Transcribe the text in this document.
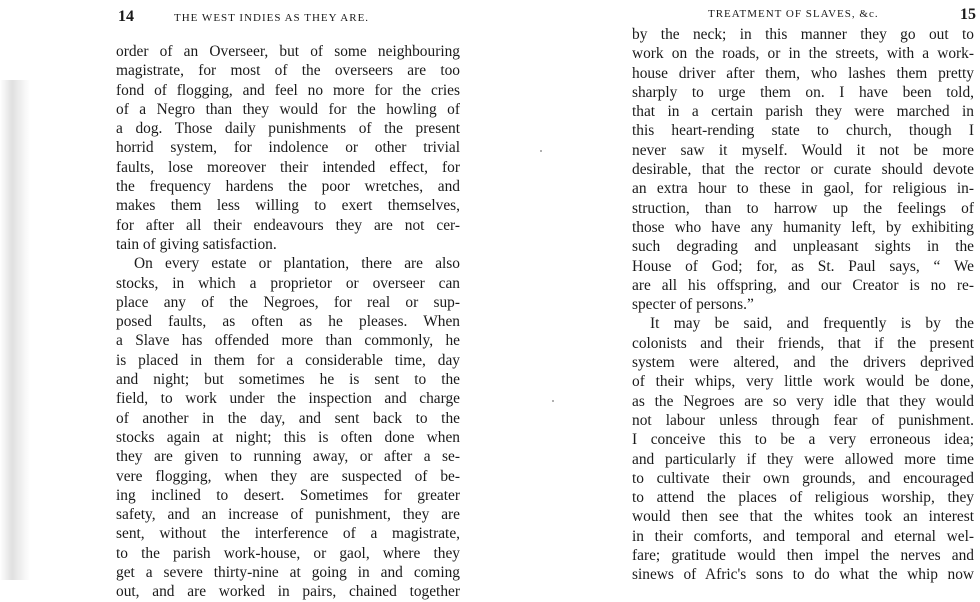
14	THE WEST INDIES AS THEY ARE.
order of an Overseer, but of some neighbouring
magistrate, for most of the overseers are too
fond of flogging, and feel no more for the cries
of a Negro than they would for the howling of
a dog. Those daily punishments of the present
horrid system, for indolence or other trivial
faults, lose moreover their intended effect, for
the frequency hardens the poor wretches, and
makes them less willing to exert themselves,
for after all their endeavours they are not cer-
tain of giving satisfaction.
On every estate or plantation, there are also
stocks, in which a proprietor or overseer can
place any of the Negroes, for real or sup-
posed faults, as often as he pleases. When
a Slave has offended more than commonly, he
is placed in them for a considerable time, day
and night; but sometimes he is sent to the
field, to work under the inspection and charge
of another in the day, and sent back to the
stocks again at night; this is often done when
they are given to running away, or after a se-
vere flogging, when they are suspected of be-
ing inclined to desert. Sometimes for greater
safety, and an increase of punishment, they are
sent, without the interference of a magistrate,
to the parish work-house, or gaol, where they
get a severe thirty-nine at going in and coming
out, and are worked in pairs, chained together
TREATMENT OF SLAVES, &c.	15
by the neck; in this manner they go out to
work on the roads, or in the streets, with a work-
house driver after them, who lashes them pretty
sharply to urge them on. I have been told,
that in a certain parish they were marched in
this heart-rending state to church, though I
never saw it myself. Would it not be more
desirable, that the rector or curate should devote
an extra hour to these in gaol, for religious in-
struction, than to harrow up the feelings of
those who have any humanity left, by exhibiting
such degrading and unpleasant sights in the
House of God; for, as St. Paul says, “ We
are all his offspring, and our Creator is no re-
specter of persons.”
It may be said, and frequently is by the
colonists and their friends, that if the present
system were altered, and the drivers deprived
of their whips, very little work would be done,
as the Negroes are so very idle that they would
not labour unless through fear of punishment.
I conceive this to be a very erroneous idea;
and particularly if they were allowed more time
to cultivate their own grounds, and encouraged
to attend the places of religious worship, they
would then see that the whites took an interest
in their comforts, and temporal and eternal wel-
fare; gratitude would then impel the nerves and
sinews of Afric's sons to do what the whip now
